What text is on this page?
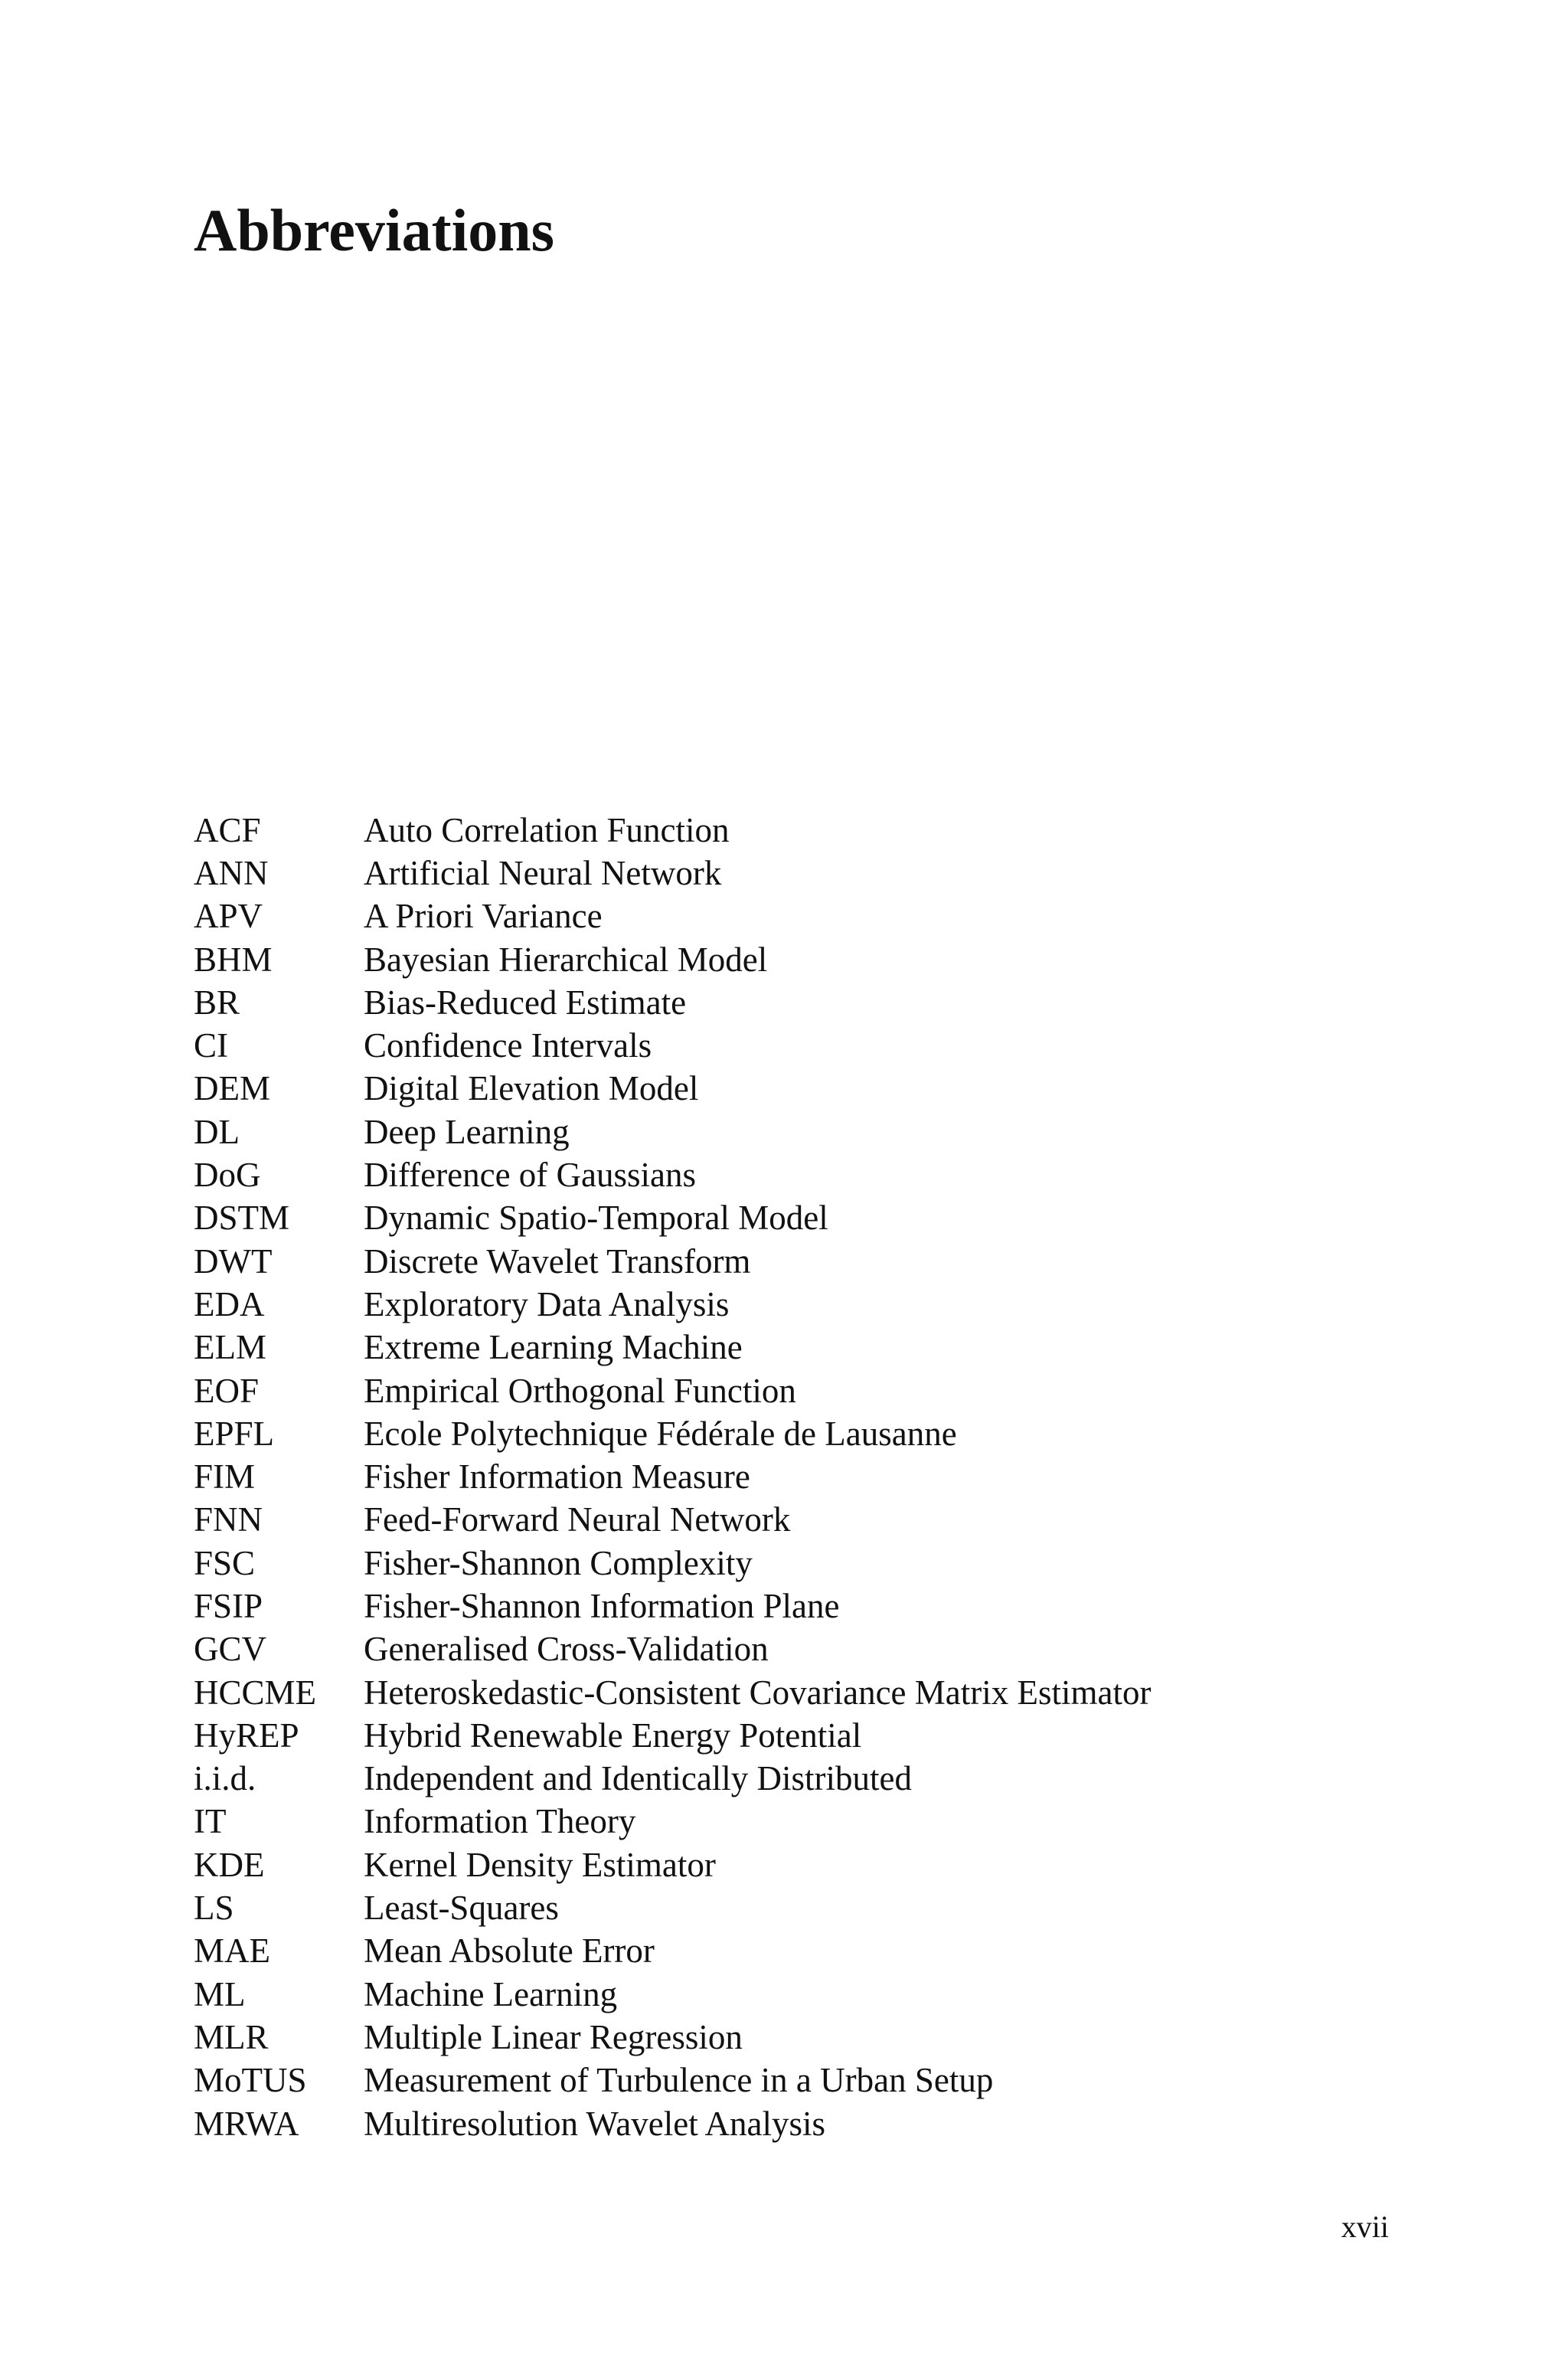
Abbreviations
ACF	Auto Correlation Function
ANN	Artificial Neural Network
APV	A Priori Variance
BHM	Bayesian Hierarchical Model
BR	Bias-Reduced Estimate
CI	Confidence Intervals
DEM	Digital Elevation Model
DL	Deep Learning
DoG	Difference of Gaussians
DSTM	Dynamic Spatio-Temporal Model
DWT	Discrete Wavelet Transform
EDA	Exploratory Data Analysis
ELM	Extreme Learning Machine
EOF	Empirical Orthogonal Function
EPFL	Ecole Polytechnique Fédérale de Lausanne
FIM	Fisher Information Measure
FNN	Feed-Forward Neural Network
FSC	Fisher-Shannon Complexity
FSIP	Fisher-Shannon Information Plane
GCV	Generalised Cross-Validation
HCCME	Heteroskedastic-Consistent Covariance Matrix Estimator
HyREP	Hybrid Renewable Energy Potential
i.i.d.	Independent and Identically Distributed
IT	Information Theory
KDE	Kernel Density Estimator
LS	Least-Squares
MAE	Mean Absolute Error
ML	Machine Learning
MLR	Multiple Linear Regression
MoTUS	Measurement of Turbulence in a Urban Setup
MRWA	Multiresolution Wavelet Analysis
xvii
